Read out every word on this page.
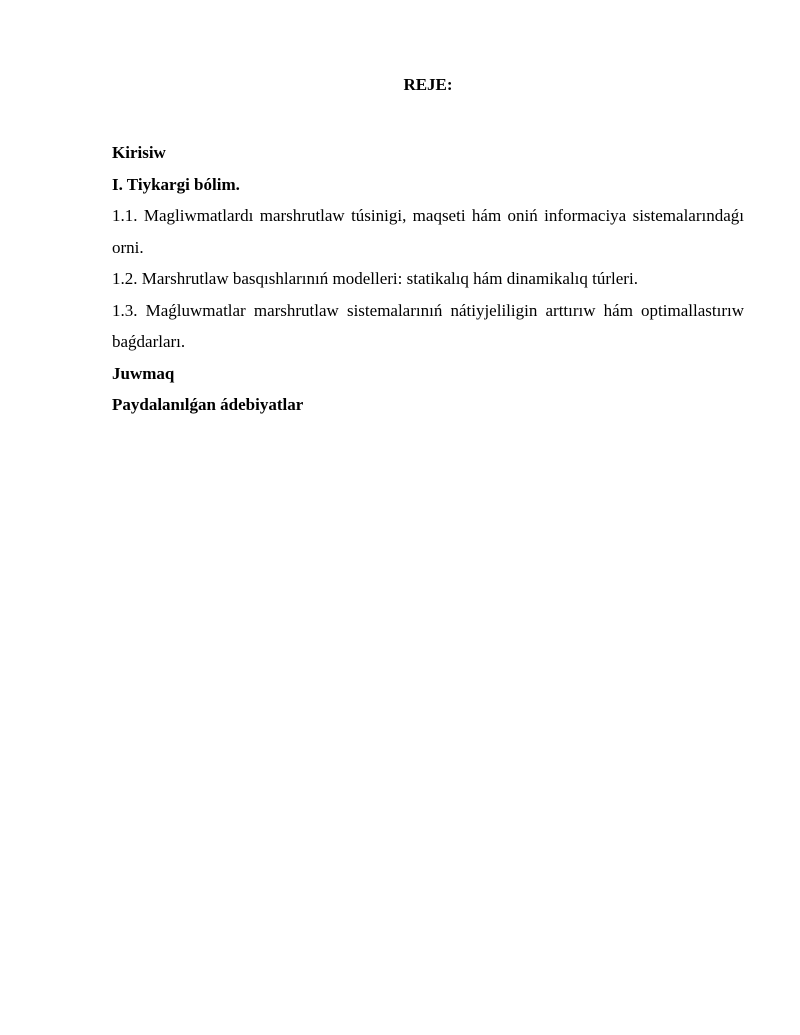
REJE:

Kirisiw

I. Tiykargi bólim.

1.1. Magliwmatlardı marshrutlaw túsinigi, maqseti hám oniń informaciya sistemalarındaǵı orni.

1.2. Marshrutlaw basqıshlarınıń modelleri: statikalıq hám dinamikalıq túrleri.

1.3. Maǵluwmatlar marshrutlaw sistemalarınıń nátiyjeliligin arttırıw hám optimallastırıw baǵdarları.

Juwmaq

Paydalanılǵan ádebiyatlar
